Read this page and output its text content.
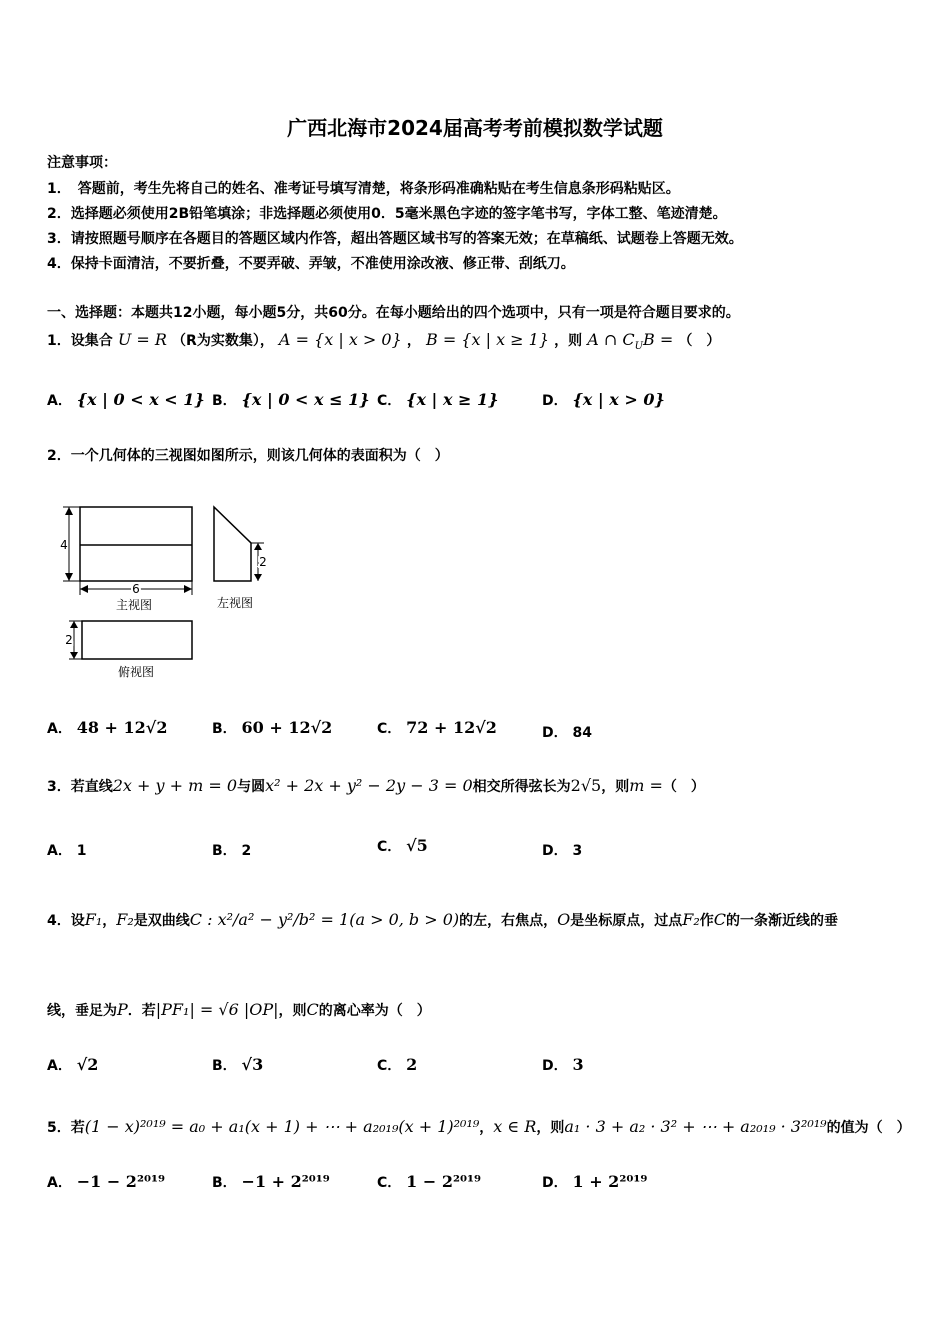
广西北海市2024届高考考前模拟数学试题
注意事项：
1．　答题前，考生先将自己的姓名、准考证号填写清楚，将条形码准确粘贴在考生信息条形码粘贴区。
2．选择题必须使用2B铅笔填涂；非选择题必须使用0．5毫米黑色字迹的签字笔书写，字体工整、笔迹清楚。
3．请按照题号顺序在各题目的答题区域内作答，超出答题区域书写的答案无效；在草稿纸、试题卷上答题无效。
4．保持卡面清洁，不要折叠，不要弄破、弄皱，不准使用涂改液、修正带、刮纸刀。
一、选择题：本题共12小题，每小题5分，共60分。在每小题给出的四个选项中，只有一项是符合题目要求的。
1．设集合 U = R （R为实数集）， A = {x | x > 0} ， B = {x | x ≥ 1} ，则 A ∩ $C_UB$ = （　）
A． {x | 0 < x < 1} B． {x | 0 < x ≤ 1} C． {x | x ≥ 1}	D． {x | x > 0}
2．一个几何体的三视图如图所示，则该几何体的表面积为（　）
4
6
主视图
2
左视图
2
俯视图
A． 48 + 12√2	B． 60 + 12√2	C． 72 + 12√2	D． 84
3．若直线2x + y + m = 0与圆x² + 2x + y² − 2y − 3 = 0相交所得弦长为2√5，则m =（　）
A． 1	B． 2	C． √5	D． 3
4．设F₁，F₂是双曲线C : x²/a² − y²/b² = 1(a > 0, b > 0)的左，右焦点，O是坐标原点，过点F₂作C的一条渐近线的垂
线，垂足为P．若|PF₁| = √6 |OP|，则C的离心率为（　）
A． √2	B． √3	C． 2	D． 3
5．若(1 − x)²⁰¹⁹ = a₀ + a₁(x + 1) + ⋯ + a₂₀₁₉(x + 1)²⁰¹⁹，x ∈ R，则a₁ · 3 + a₂ · 3² + ⋯ + a₂₀₁₉ · 3²⁰¹⁹的值为（　）
A． −1 − 2²⁰¹⁹	B． −1 + 2²⁰¹⁹	C． 1 − 2²⁰¹⁹	D． 1 + 2²⁰¹⁹
